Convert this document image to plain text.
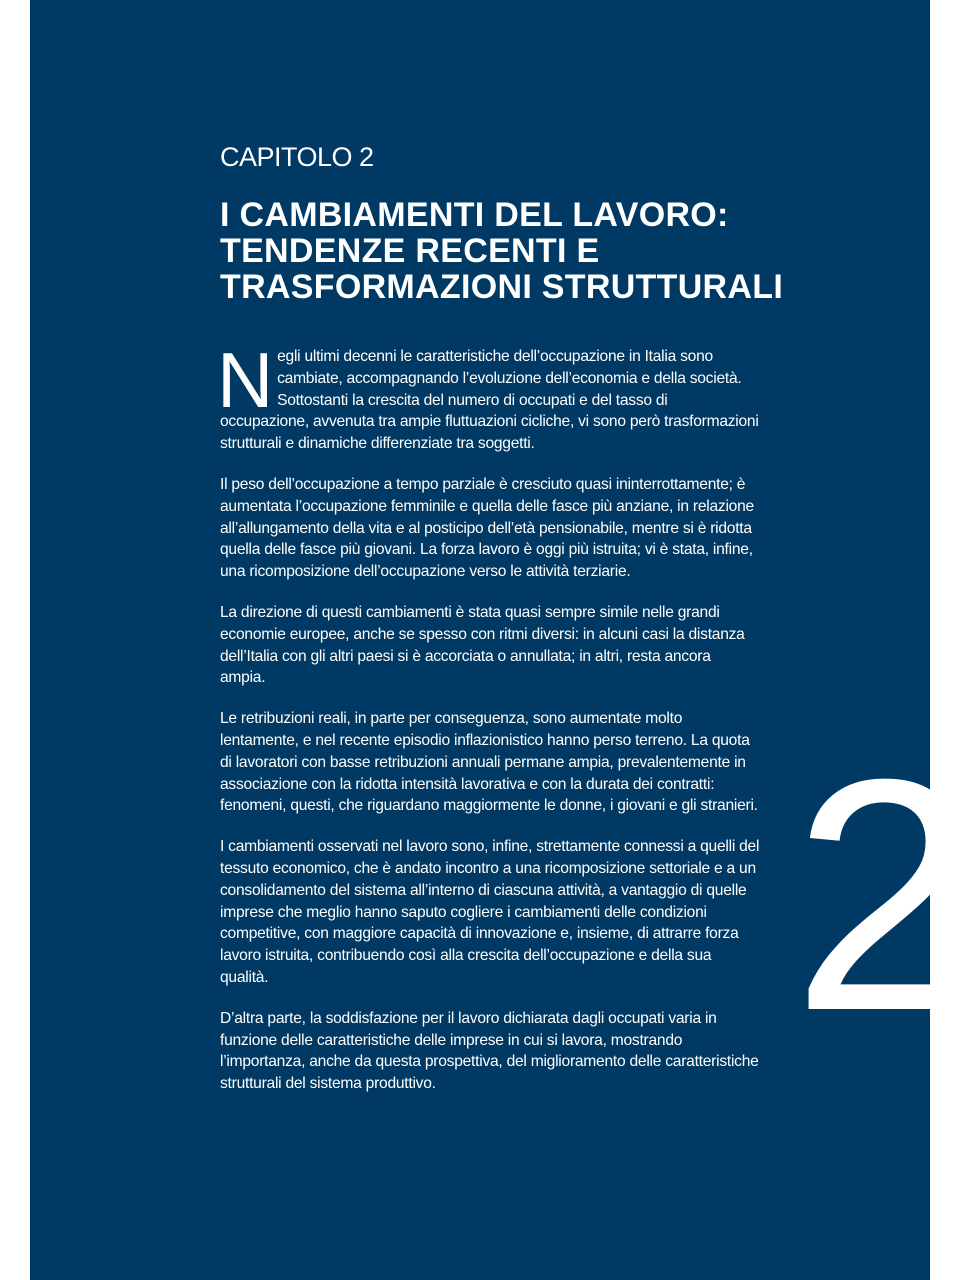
CAPITOLO 2
I CAMBIAMENTI DEL LAVORO:
TENDENZE RECENTI E
TRASFORMAZIONI STRUTTURALI

Negli ultimi decenni le caratteristiche dell’occupazione in Italia sono cambiate, accompagnando l’evoluzione dell’economia e della società. Sottostanti la crescita del numero di occupati e del tasso di occupazione, avvenuta tra ampie fluttuazioni cicliche, vi sono però trasformazioni strutturali e dinamiche differenziate tra soggetti.

Il peso dell’occupazione a tempo parziale è cresciuto quasi ininterrottamente; è aumentata l’occupazione femminile e quella delle fasce più anziane, in relazione all’allungamento della vita e al posticipo dell’età pensionabile, mentre si è ridotta quella delle fasce più giovani. La forza lavoro è oggi più istruita; vi è stata, infine, una ricomposizione dell’occupazione verso le attività terziarie.

La direzione di questi cambiamenti è stata quasi sempre simile nelle grandi economie europee, anche se spesso con ritmi diversi: in alcuni casi la distanza dell’Italia con gli altri paesi si è accorciata o annullata; in altri, resta ancora ampia.

Le retribuzioni reali, in parte per conseguenza, sono aumentate molto lentamente, e nel recente episodio inflazionistico hanno perso terreno. La quota di lavoratori con basse retribuzioni annuali permane ampia, prevalentemente in associazione con la ridotta intensità lavorativa e con la durata dei contratti: fenomeni, questi, che riguardano maggiormente le donne, i giovani e gli stranieri.

I cambiamenti osservati nel lavoro sono, infine, strettamente connessi a quelli del tessuto economico, che è andato incontro a una ricomposizione settoriale e a un consolidamento del sistema all’interno di ciascuna attività, a vantaggio di quelle imprese che meglio hanno saputo cogliere i cambiamenti delle condizioni competitive, con maggiore capacità di innovazione e, insieme, di attrarre forza lavoro istruita, contribuendo così alla crescita dell’occupazione e della sua qualità.

D’altra parte, la soddisfazione per il lavoro dichiarata dagli occupati varia in funzione delle caratteristiche delle imprese in cui si lavora, mostrando l’importanza, anche da questa prospettiva, del miglioramento delle caratteristiche strutturali del sistema produttivo.

2
